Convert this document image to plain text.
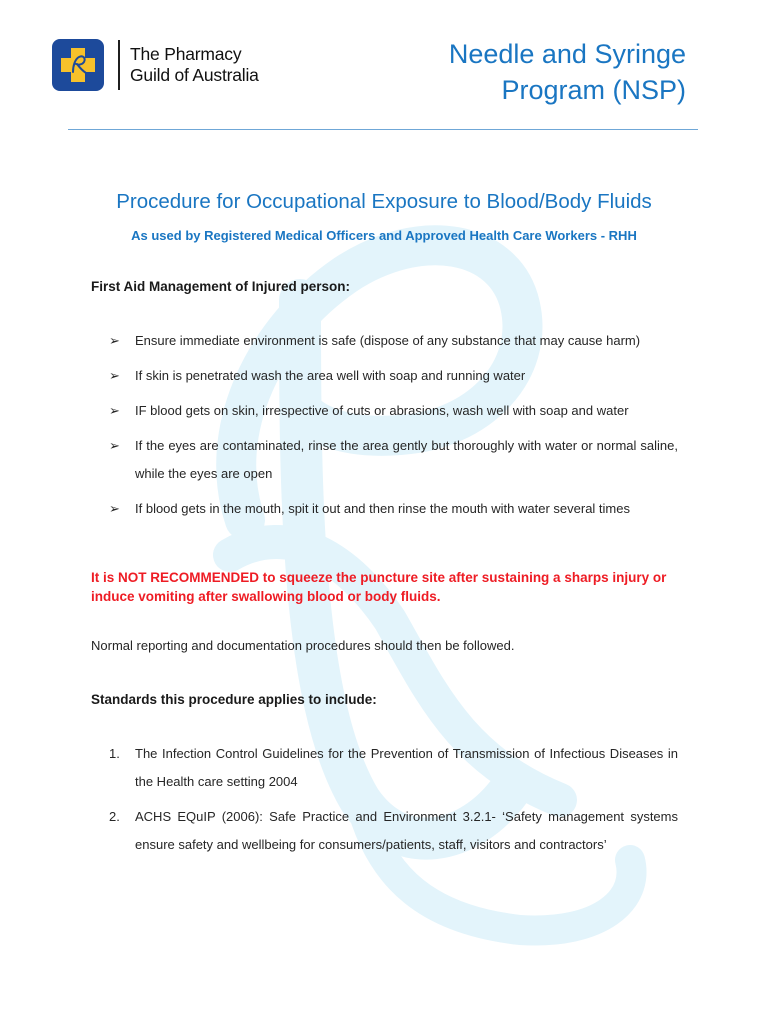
The Pharmacy
Guild of Australia
Needle and Syringe
Program (NSP)
Procedure for Occupational Exposure to Blood/Body Fluids
As used by Registered Medical Officers and Approved Health Care Workers - RHH
First Aid Management of Injured person:
➢ Ensure immediate environment is safe (dispose of any substance that may cause harm)
➢ If skin is penetrated wash the area well with soap and running water
➢ IF blood gets on skin, irrespective of cuts or abrasions, wash well with soap and water
➢ If the eyes are contaminated, rinse the area gently but thoroughly with water or normal saline, while the eyes are open
➢ If blood gets in the mouth, spit it out and then rinse the mouth with water several times
It is NOT RECOMMENDED to squeeze the puncture site after sustaining a sharps injury or induce vomiting after swallowing blood or body fluids.
Normal reporting and documentation procedures should then be followed.
Standards this procedure applies to include:
1. The Infection Control Guidelines for the Prevention of Transmission of Infectious Diseases in the Health care setting 2004
2. ACHS EQuIP (2006): Safe Practice and Environment 3.2.1- ‘Safety management systems ensure safety and wellbeing for consumers/patients, staff, visitors and contractors’
